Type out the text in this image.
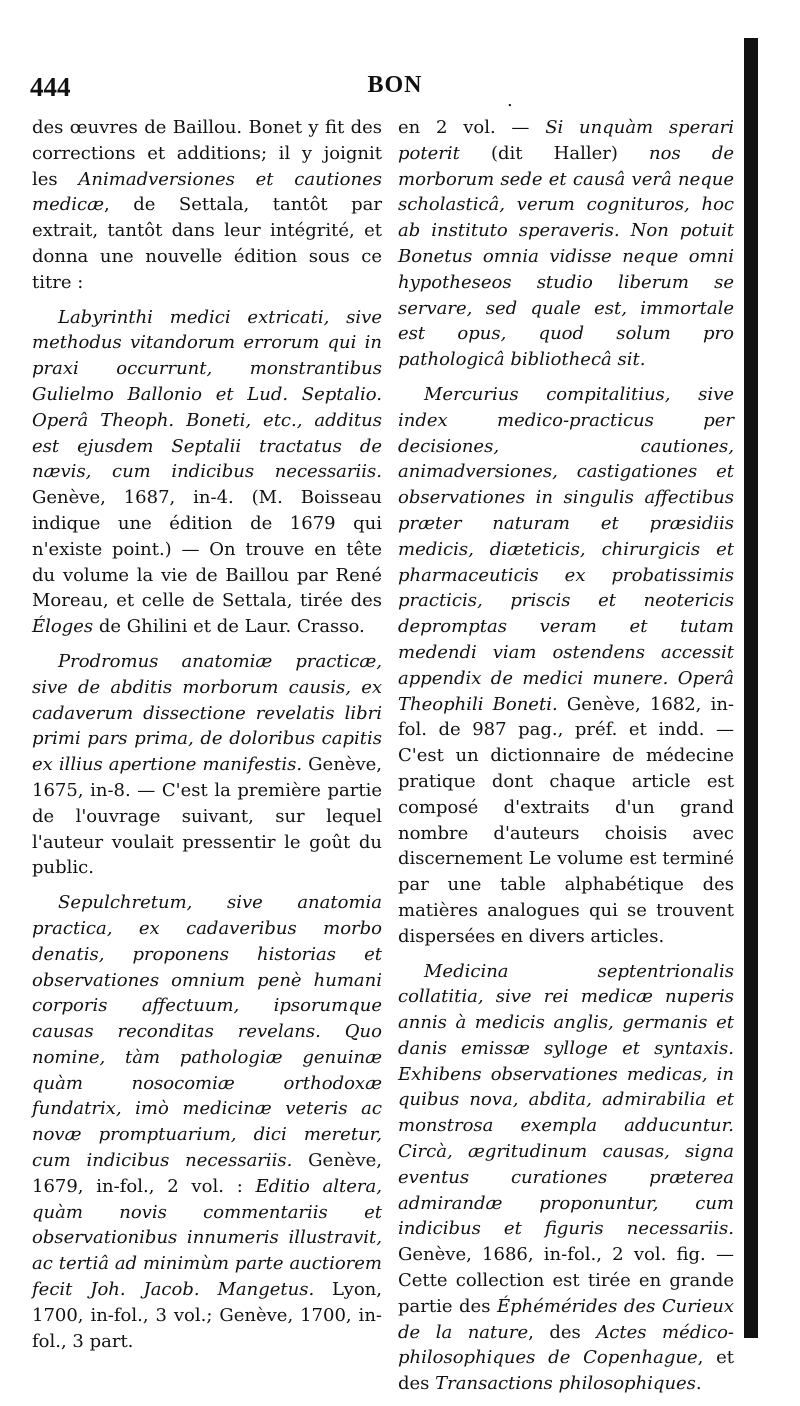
444	BON
.

des œuvres de Baillou. Bonet y fit des corrections et additions; il y joignit les Animadversiones et cautiones medicæ, de Settala, tantôt par extrait, tantôt dans leur intégrité, et donna une nouvelle édition sous ce titre :

Labyrinthi medici extricati, sive methodus vitandorum errorum qui in praxi occurrunt, monstrantibus Gulielmo Ballonio et Lud. Septalio. Operâ Theoph. Boneti, etc., additus est ejusdem Septalii tractatus de nævis, cum indicibus necessariis. Genève, 1687, in-4. (M. Boisseau indique une édition de 1679 qui n'existe point.) — On trouve en tête du volume la vie de Baillou par René Moreau, et celle de Settala, tirée des Éloges de Ghilini et de Laur. Crasso.

Prodromus anatomiæ practicæ, sive de abditis morborum causis, ex cadaverum dissectione revelatis libri primi pars prima, de doloribus capitis ex illius apertione manifestis. Genève, 1675, in-8. — C'est la première partie de l'ouvrage suivant, sur lequel l'auteur voulait pressentir le goût du public.

Sepulchretum, sive anatomia practica, ex cadaveribus morbo denatis, proponens historias et observationes omnium penè humani corporis affectuum, ipsorumque causas reconditas revelans. Quo nomine, tàm pathologiæ genuinæ quàm nosocomiæ orthodoxæ fundatrix, imò medicinæ veteris ac novæ promptuarium, dici meretur, cum indicibus necessariis. Genève, 1679, in-fol., 2 vol. : Editio altera, quàm novis commentariis et observationibus innumeris illustravit, ac tertiâ ad minimùm parte auctiorem fecit Joh. Jacob. Mangetus. Lyon, 1700, in-fol., 3 vol.; Genève, 1700, in-fol., 3 part.

en 2 vol. — Si unquàm sperari poterit (dit Haller) nos de morborum sede et causâ verâ neque scholasticâ, verum cognituros, hoc ab instituto speraveris. Non potuit Bonetus omnia vidisse neque omni hypotheseos studio liberum se servare, sed quale est, immortale est opus, quod solum pro pathologicâ bibliothecâ sit.

Mercurius compitalitius, sive index medico-practicus per decisiones, cautiones, animadversiones, castigationes et observationes in singulis affectibus præter naturam et præsidiis medicis, diæteticis, chirurgicis et pharmaceuticis ex probatissimis practicis, priscis et neotericis depromptas veram et tutam medendi viam ostendens accessit appendix de medici munere. Operâ Theophili Boneti. Genève, 1682, in-fol. de 987 pag., préf. et indd. — C'est un dictionnaire de médecine pratique dont chaque article est composé d'extraits d'un grand nombre d'auteurs choisis avec discernement Le volume est terminé par une table alphabétique des matières analogues qui se trouvent dispersées en divers articles.

Medicina septentrionalis collatitia, sive rei medicæ nuperis annis à medicis anglis, germanis et danis emissæ sylloge et syntaxis. Exhibens observationes medicas, in quibus nova, abdita, admirabilia et monstrosa exempla adducuntur. Circà, ægritudinum causas, signa eventus curationes præterea admirandæ proponuntur, cum indicibus et figuris necessariis. Genève, 1686, in-fol., 2 vol. fig. — Cette collection est tirée en grande partie des Éphémérides des Curieux de la nature, des Actes médico-philosophiques de Copenhague, et des Transactions philosophiques.
